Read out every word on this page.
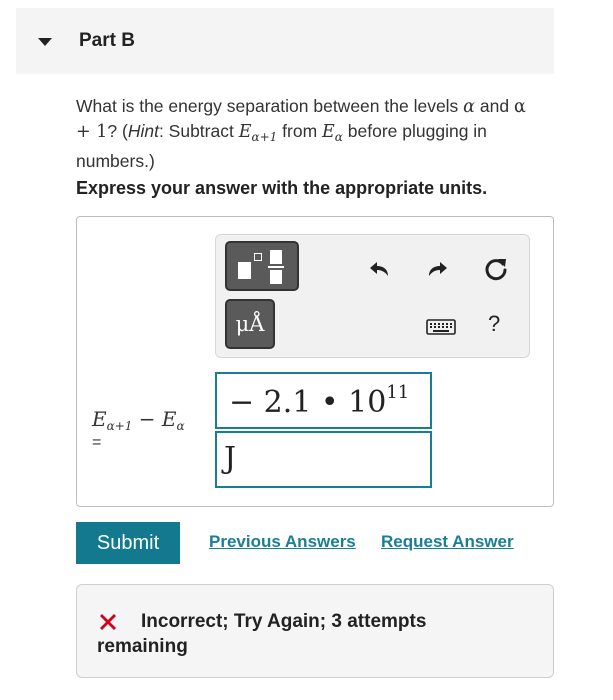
Part B
What is the energy separation between the levels α and α + 1? (Hint: Subtract $E_{\alpha+1}$ from $E_\alpha$ before plugging in numbers.)
Express your answer with the appropriate units.
μÅ	?
$E_{\alpha+1} - E_\alpha$
=
− 2.1 • $10^{11}$
J
Submit	Previous Answers Request Answer
Incorrect; Try Again; 3 attempts remaining
